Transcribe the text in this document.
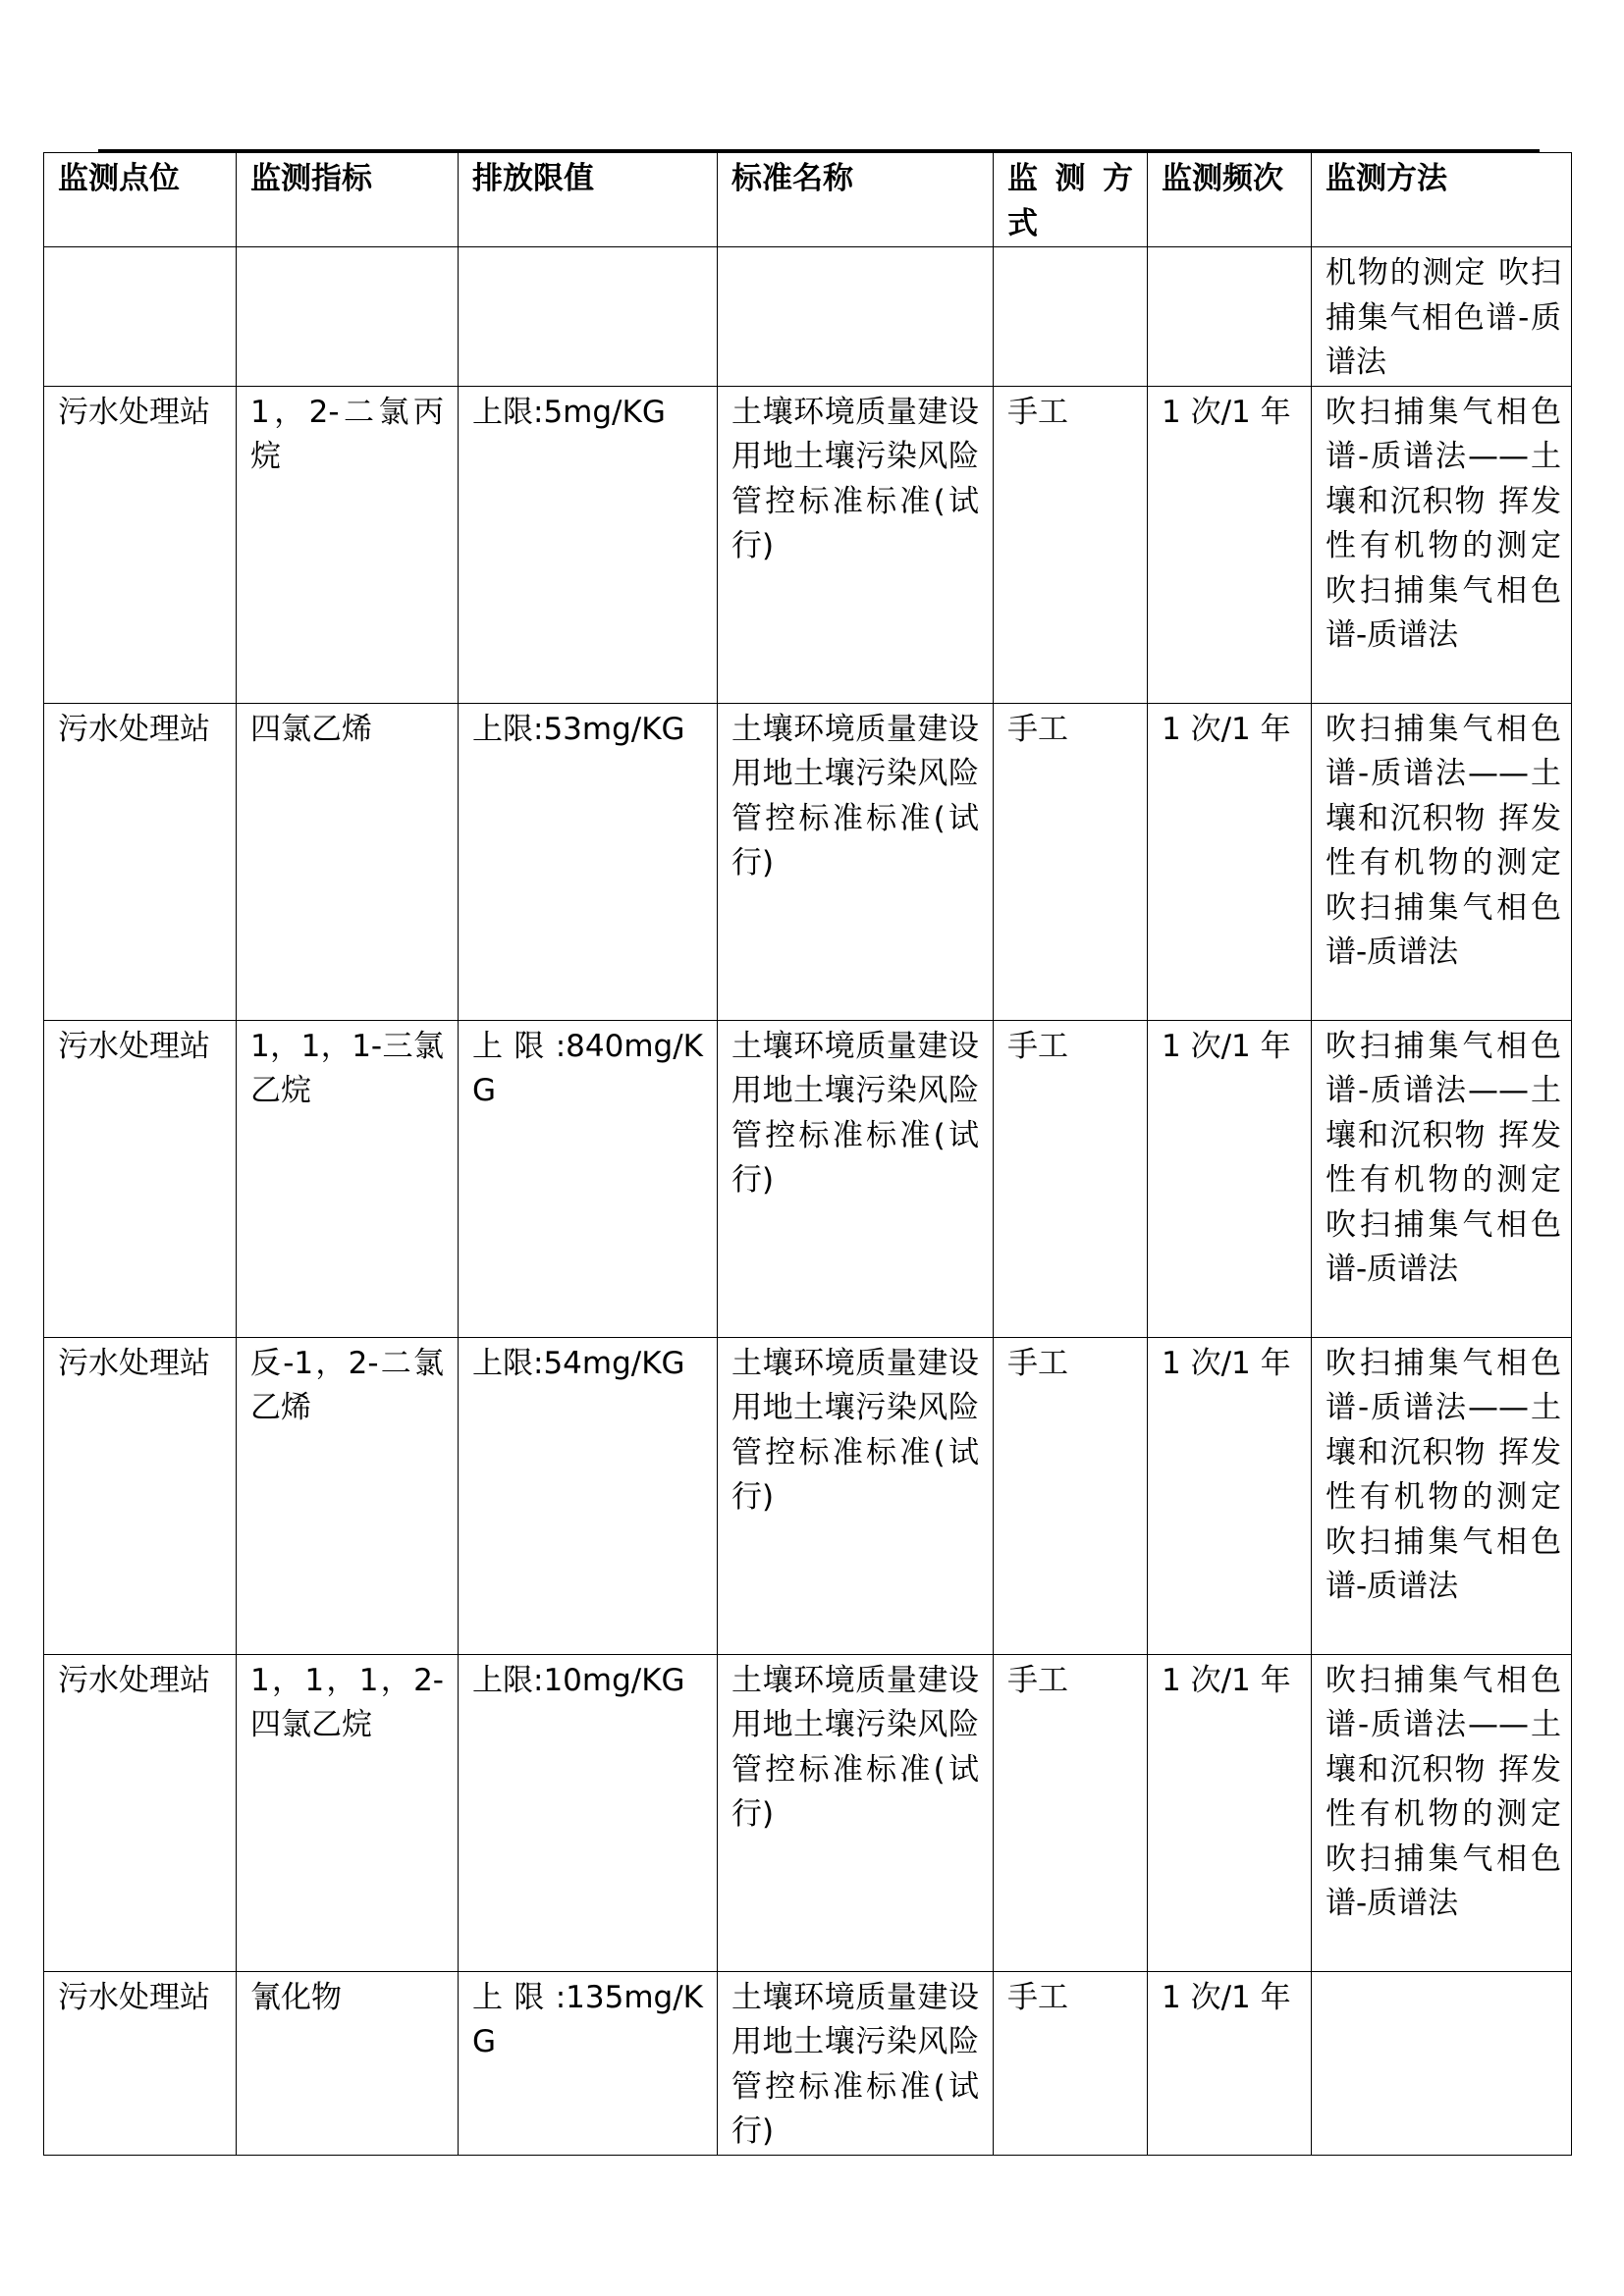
监测点位	监测指标	排放限值	标准名称	监 测 方式	监测频次	监测方法
						机物的测定 吹扫捕集气相色谱-质谱法
污水处理站	1，2-二氯丙烷	上限:5mg/KG	土壤环境质量建设用地土壤污染风险管控标准标准(试行)	手工	1 次/1 年	吹扫捕集气相色谱-质谱法——土壤和沉积物 挥发性有机物的测定 吹扫捕集气相色谱-质谱法
污水处理站	四氯乙烯	上限:53mg/KG	土壤环境质量建设用地土壤污染风险管控标准标准(试行)	手工	1 次/1 年	吹扫捕集气相色谱-质谱法——土壤和沉积物 挥发性有机物的测定 吹扫捕集气相色谱-质谱法
污水处理站	1，1，1-三氯乙烷	上限:840mg/KG	土壤环境质量建设用地土壤污染风险管控标准标准(试行)	手工	1 次/1 年	吹扫捕集气相色谱-质谱法——土壤和沉积物 挥发性有机物的测定 吹扫捕集气相色谱-质谱法
污水处理站	反-1，2-二氯乙烯	上限:54mg/KG	土壤环境质量建设用地土壤污染风险管控标准标准(试行)	手工	1 次/1 年	吹扫捕集气相色谱-质谱法——土壤和沉积物 挥发性有机物的测定 吹扫捕集气相色谱-质谱法
污水处理站	1，1，1，2-四氯乙烷	上限:10mg/KG	土壤环境质量建设用地土壤污染风险管控标准标准(试行)	手工	1 次/1 年	吹扫捕集气相色谱-质谱法——土壤和沉积物 挥发性有机物的测定 吹扫捕集气相色谱-质谱法
污水处理站	氰化物	上限:135mg/KG	土壤环境质量建设用地土壤污染风险管控标准标准(试行)	手工	1 次/1 年	
